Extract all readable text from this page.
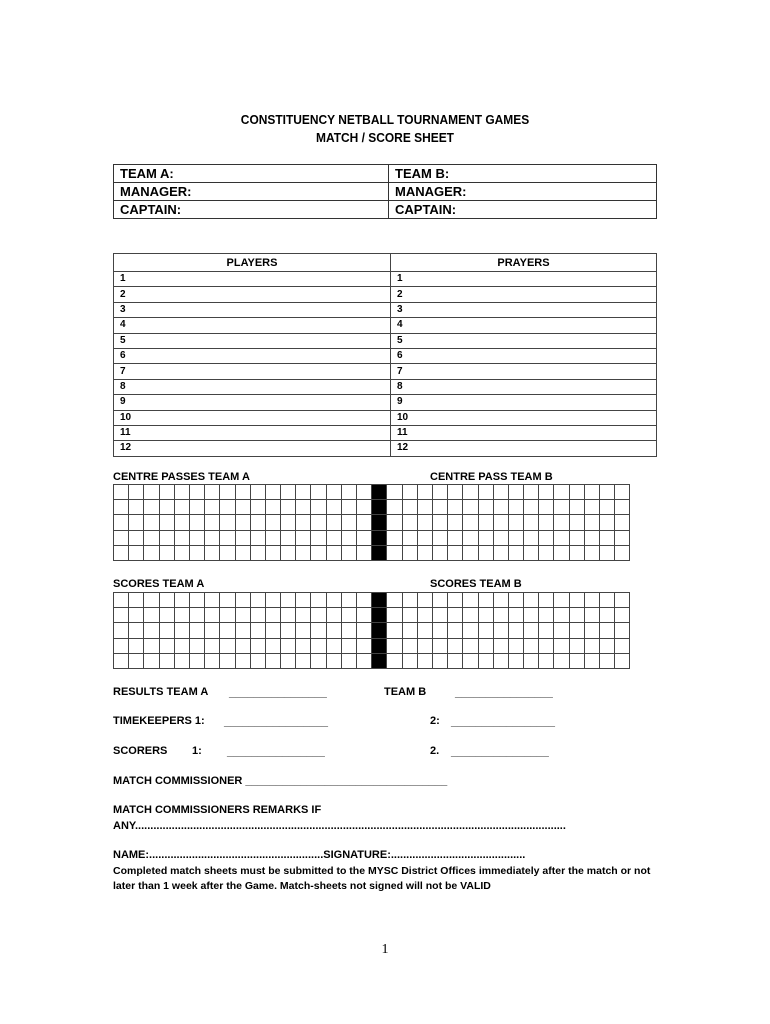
CONSTITUENCY NETBALL TOURNAMENT GAMES
MATCH / SCORE SHEET
TEAM A:	TEAM B:
MANAGER:	MANAGER:
CAPTAIN:	CAPTAIN:
PLAYERS	PRAYERS
1	1
2	2
3	3
4	4
5	5
6	6
7	7
8	8
9	9
10	10
11	11
12	12
CENTRE PASSES TEAM A	CENTRE PASS TEAM B

SCORES TEAM A	SCORES TEAM B

RESULTS TEAM A ________________	TEAM B	________________
TIMEKEEPERS 1: _________________	2: _________________
SCORERS 1: ________________	2. ________________
MATCH COMMISSIONER _________________________________
MATCH COMMISSIONERS REMARKS IF
ANY.............................................................................................................................................
NAME:.........................................................SIGNATURE:............................................
Completed match sheets must be submitted to the MYSC District Offices immediately after the match or not later than 1 week after the Game. Match-sheets not signed will not be VALID
1
